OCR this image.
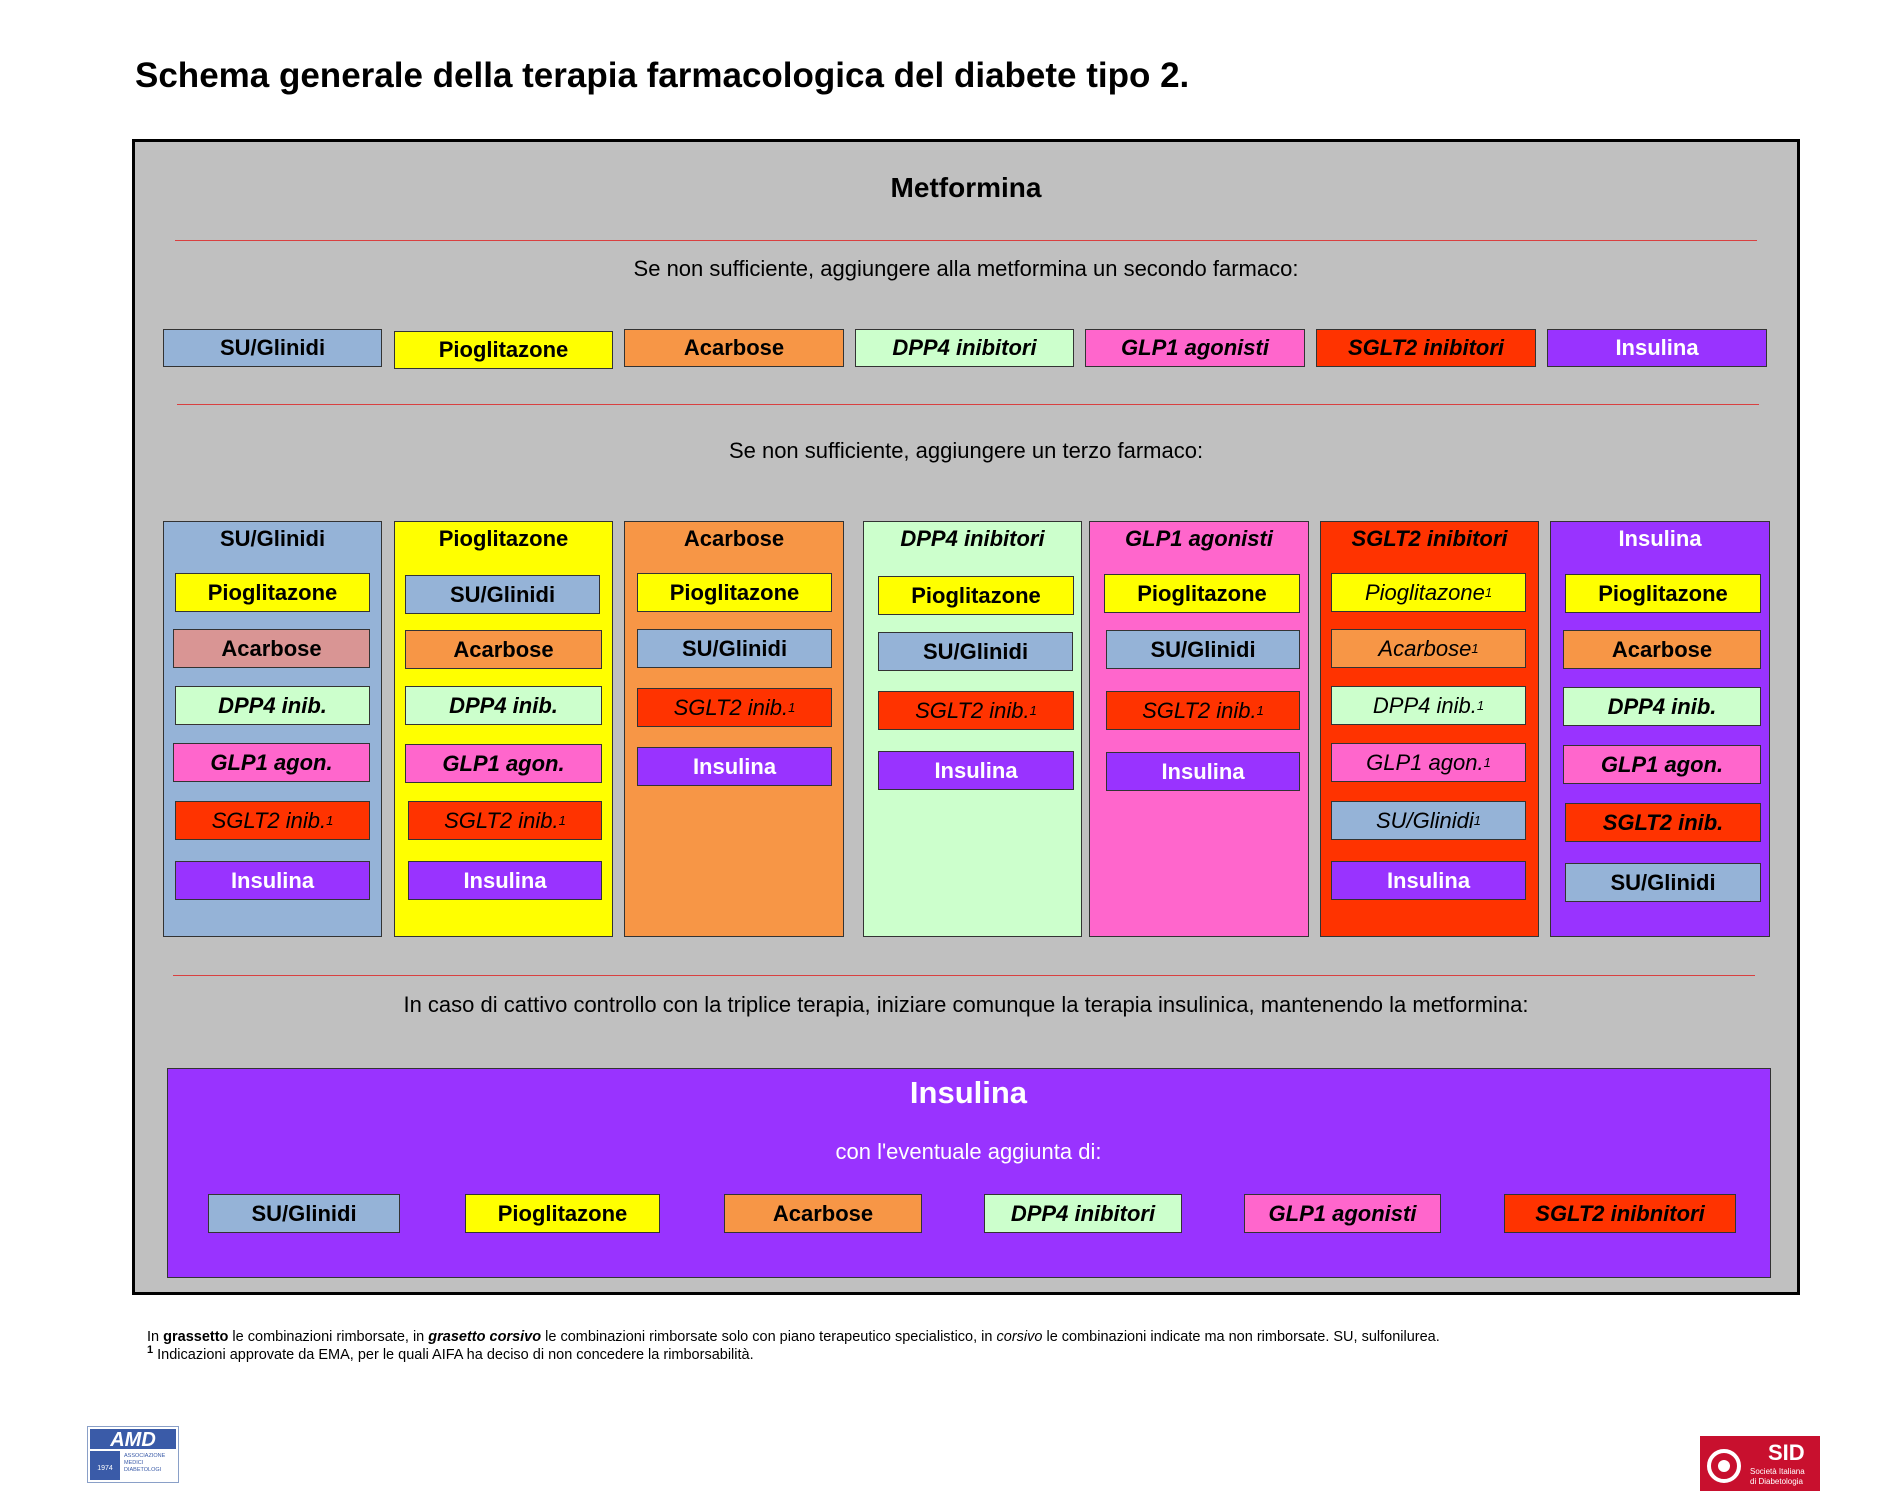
Schema generale della terapia farmacologica del diabete tipo 2.
Metformina
Se non sufficiente, aggiungere alla metformina un secondo farmaco:
SU/Glinidi	Pioglitazone	Acarbose	DPP4 inibitori	GLP1 agonisti	SGLT2 inibitori	Insulina
Se non sufficiente, aggiungere un terzo farmaco:
SU/Glinidi
Pioglitazone
Acarbose
DPP4 inib.
GLP1 agon.
SGLT2 inib. 1
Insulina
Pioglitazone
SU/Glinidi
Acarbose
DPP4 inib.
GLP1 agon.
SGLT2 inib. 1
Insulina
Acarbose
Pioglitazone
SU/Glinidi
SGLT2 inib. 1
Insulina
DPP4 inibitori
Pioglitazone
SU/Glinidi
SGLT2 inib. 1
Insulina
GLP1 agonisti
Pioglitazone
SU/Glinidi
SGLT2 inib. 1
Insulina
SGLT2 inibitori
Pioglitazone 1
Acarbose 1
DPP4 inib. 1
GLP1 agon. 1
SU/Glinidi 1
Insulina
Insulina
Pioglitazone
Acarbose
DPP4 inib.
GLP1 agon.
SGLT2 inib.
SU/Glinidi
In caso di cattivo controllo con la triplice terapia, iniziare comunque la terapia insulinica, mantenendo la metformina:
Insulina
con l'eventuale aggiunta di:
SU/Glinidi	Pioglitazone	Acarbose	DPP4 inibitori	GLP1 agonisti	SGLT2 inibnitori
In grassetto le combinazioni rimborsate, in grasetto corsivo le combinazioni rimborsate solo con piano terapeutico specialistico, in corsivo le combinazioni indicate ma non rimborsate. SU, sulfonilurea.
$^1$ Indicazioni approvate da EMA, per le quali AIFA ha deciso di non concedere la rimborsabilità.
AMD
1974
ASSOCIAZIONE
MEDICI
DIABETOLOGI
SID
Società Italiana
di Diabetologia
